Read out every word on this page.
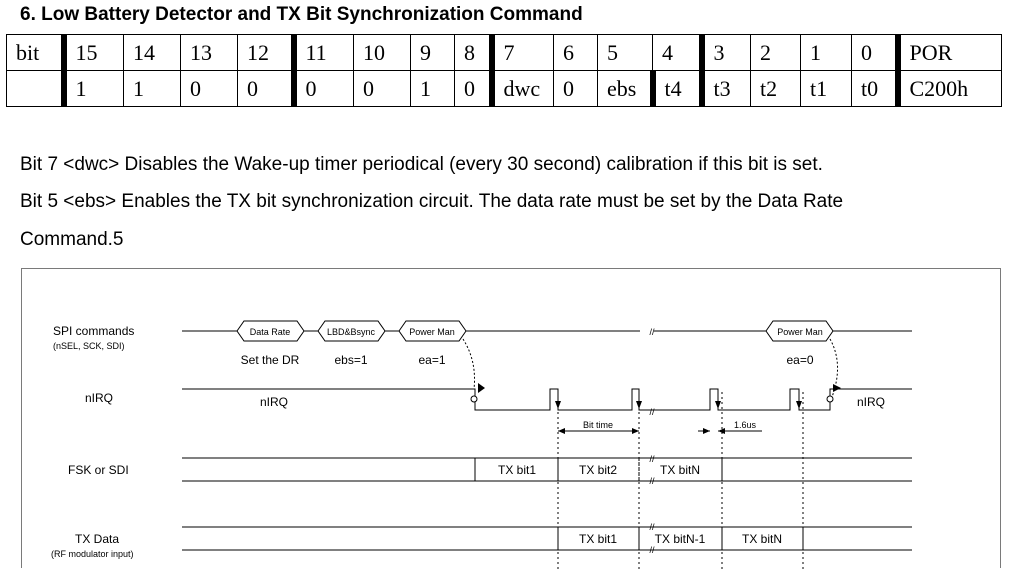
6. Low Battery Detector and TX Bit Synchronization Command
bit	15	14	13	12	11	10	9	8	7	6	5	4	3	2	1	0	POR
	1	1	0	0	0	0	1	0	dwc	0	ebs	t4	t3	t2	t1	t0	C200h
Bit 7 <dwc> Disables the Wake-up timer periodical (every 30 second) calibration if this bit is set.
Bit 5 <ebs> Enables the TX bit synchronization circuit. The data rate must be set by the Data Rate
Command.5
SPI commands
(nSEL, SCK, SDI)
Data Rate	LBD&Bsync	Power Man	Power Man
Set the DR	ebs=1	ea=1	ea=0
nIRQ	nIRQ	nIRQ
Bit time	1.6us
FSK or SDI	TX bit1	TX bit2	TX bitN
TX Data
(RF modulator input)
TX bit1	TX bitN-1	TX bitN
//
//
//
//
//
//
